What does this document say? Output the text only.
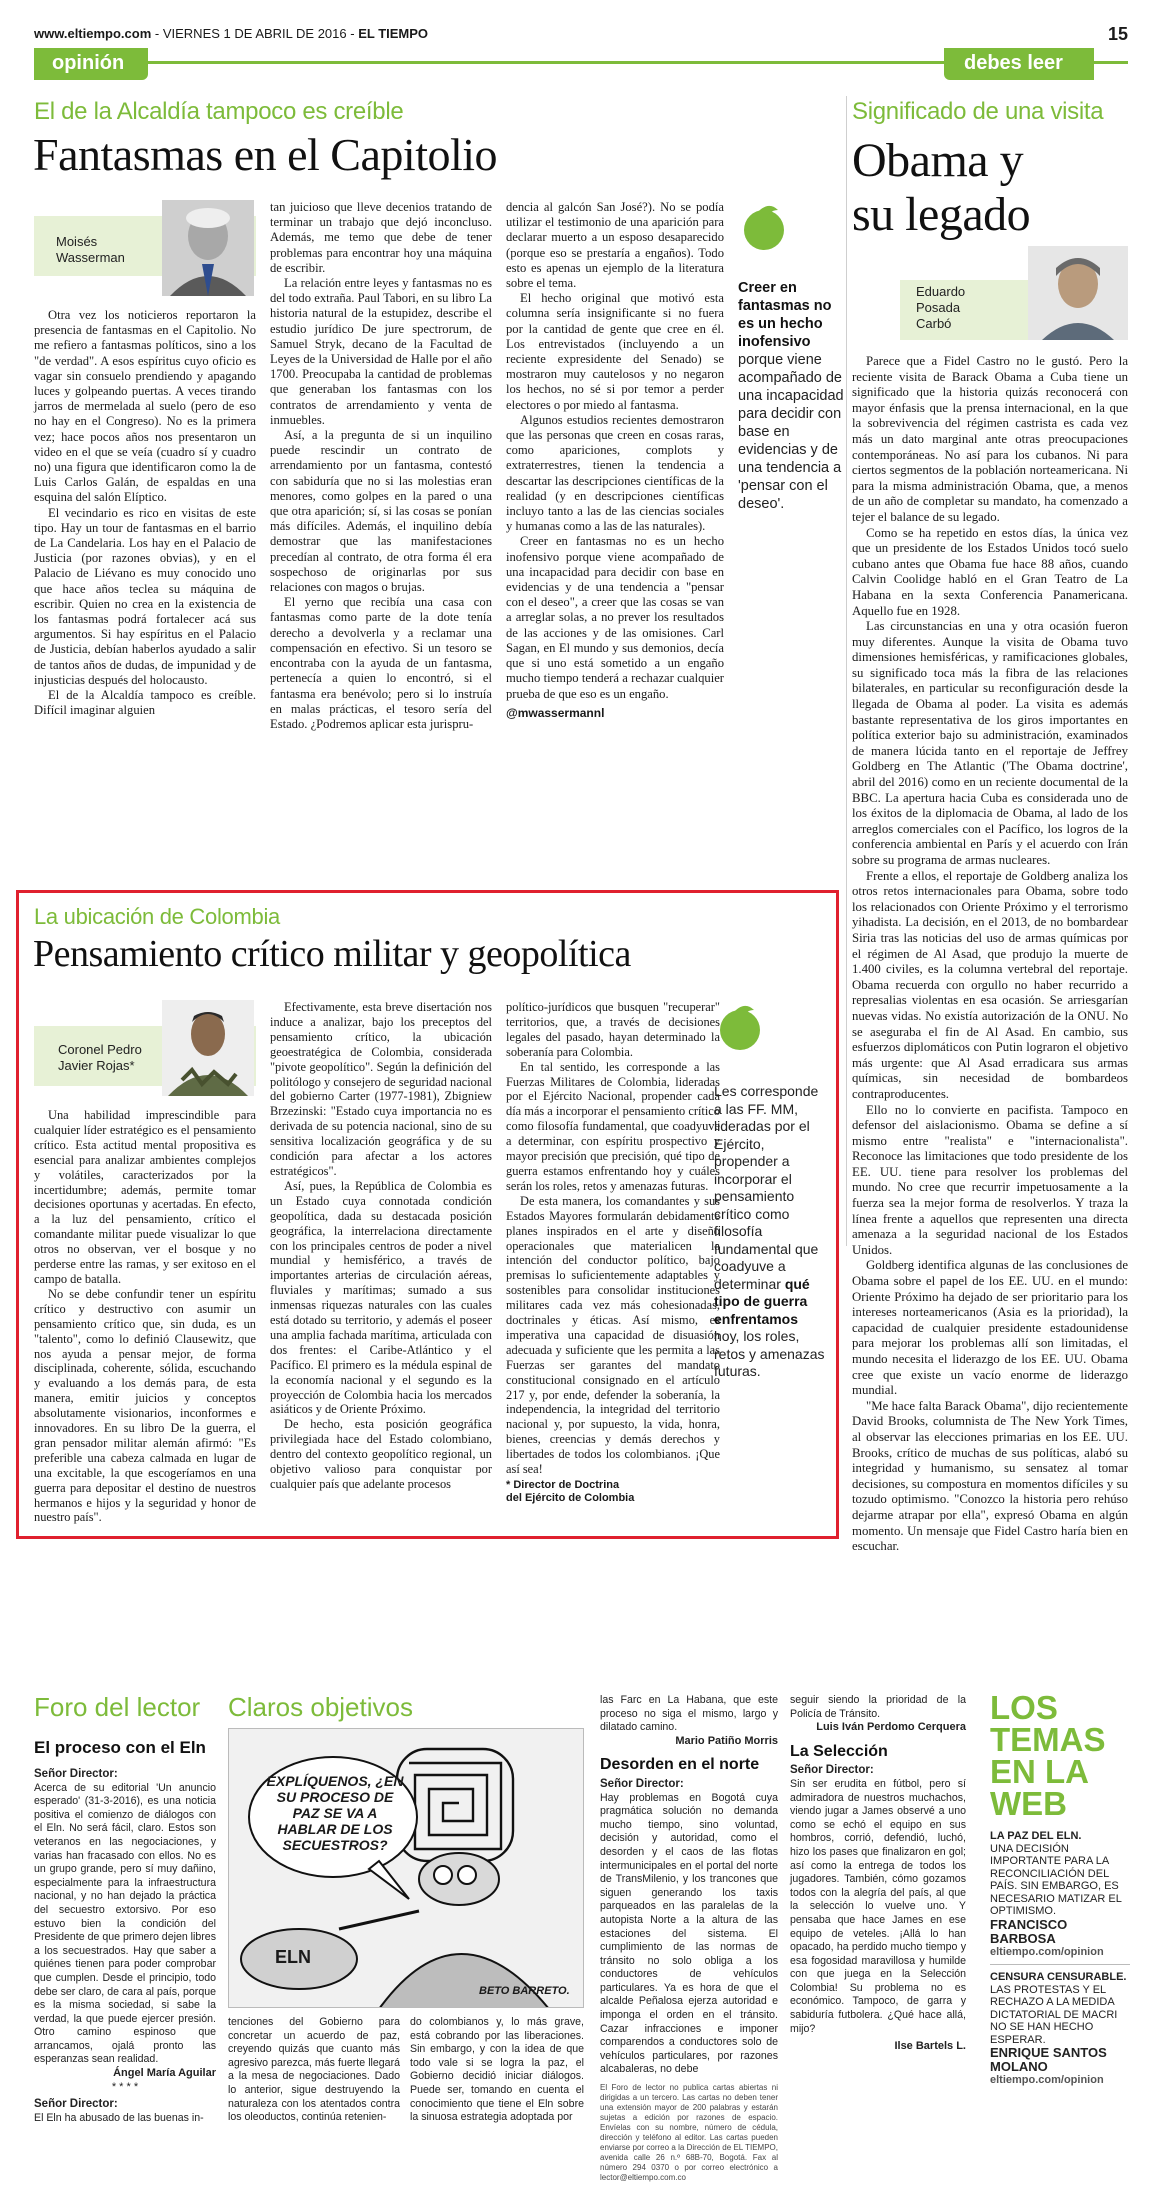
www.eltiempo.com - VIERNES 1 DE ABRIL DE 2016 - EL TIEMPO	15
opinión	debes leer
El de la Alcaldía tampoco es creíble
Fantasmas en el Capitolio
Moisés
Wasserman

Otra vez los noticieros reportaron la presencia de fantasmas en el Capitolio. No me refiero a fantasmas políticos, sino a los "de verdad". A esos espíritus cuyo oficio es vagar sin consuelo prendiendo y apagando luces y golpeando puertas. A veces tirando jarros de mermelada al suelo (pero de eso no hay en el Congreso). No es la primera vez; hace pocos años nos presentaron un video en el que se veía (cuadro sí y cuadro no) una figura que identificaron como la de Luis Carlos Galán, de espaldas en una esquina del salón Elíptico.

El vecindario es rico en visitas de este tipo. Hay un tour de fantasmas en el barrio de La Candelaria. Los hay en el Palacio de Justicia (por razones obvias), y en el Palacio de Liévano es muy conocido uno que hace años teclea su máquina de escribir. Quien no crea en la existencia de los fantasmas podrá fortalecer acá sus argumentos. Si hay espíritus en el Palacio de Justicia, debían haberlos ayudado a salir de tantos años de dudas, de impunidad y de injusticias después del holocausto.

El de la Alcaldía tampoco es creíble. Difícil imaginar alguien

tan juicioso que lleve decenios tratando de terminar un trabajo que dejó inconcluso. Además, me temo que debe de tener problemas para encontrar hoy una máquina de escribir.

La relación entre leyes y fantasmas no es del todo extraña. Paul Tabori, en su libro La historia natural de la estupidez, describe el estudio jurídico De jure spectrorum, de Samuel Stryk, decano de la Facultad de Leyes de la Universidad de Halle por el año 1700. Preocupaba la cantidad de problemas que generaban los fantasmas con los contratos de arrendamiento y venta de inmuebles.

Así, a la pregunta de si un inquilino puede rescindir un contrato de arrendamiento por un fantasma, contestó con sabiduría que no si las molestias eran menores, como golpes en la pared o una que otra aparición; sí, si las cosas se ponían más difíciles. Además, el inquilino debía demostrar que las manifestaciones precedían al contrato, de otra forma él era sospechoso de originarlas por sus relaciones con magos o brujas.

El yerno que recibía una casa con fantasmas como parte de la dote tenía derecho a devolverla y a reclamar una compensación en efectivo. Si un tesoro se encontraba con la ayuda de un fantasma, pertenecía a quien lo encontró, si el fantasma era benévolo; pero si lo instruía en malas prácticas, el tesoro sería del Estado. ¿Podremos aplicar esta jurispru-

dencia al galcón San José?). No se podía utilizar el testimonio de una aparición para declarar muerto a un esposo desaparecido (porque eso se prestaría a engaños). Todo esto es apenas un ejemplo de la literatura sobre el tema.

El hecho original que motivó esta columna sería insignificante si no fuera por la cantidad de gente que cree en él. Los entrevistados (incluyendo a un reciente expresidente del Senado) se mostraron muy cautelosos y no negaron los hechos, no sé si por temor a perder electores o por miedo al fantasma.

Algunos estudios recientes demostraron que las personas que creen en cosas raras, como apariciones, complots y extraterrestres, tienen la tendencia a descartar las descripciones científicas de la realidad (y en descripciones científicas incluyo tanto a las de las ciencias sociales y humanas como a las de las naturales).

Creer en fantasmas no es un hecho inofensivo porque viene acompañado de una incapacidad para decidir con base en evidencias y de una tendencia a "pensar con el deseo", a creer que las cosas se van a arreglar solas, a no prever los resultados de las acciones y de las omisiones. Carl Sagan, en El mundo y sus demonios, decía que si uno está sometido a un engaño mucho tiempo tenderá a rechazar cualquier prueba de que eso es un engaño.

@mwassermannl

Creer en fantasmas no es un hecho inofensivo porque viene acompañado de una incapacidad para decidir con base en evidencias y de una tendencia a 'pensar con el deseo'.
Significado de una visita
Obama y
su legado
Eduardo
Posada
Carbó

Parece que a Fidel Castro no le gustó. Pero la reciente visita de Barack Obama a Cuba tiene un significado que la historia quizás reconocerá con mayor énfasis que la prensa internacional, en la que la sobrevivencia del régimen castrista es cada vez más un dato marginal ante otras preocupaciones contemporáneas. No así para los cubanos. Ni para ciertos segmentos de la población norteamericana. Ni para la misma administración Obama, que, a menos de un año de completar su mandato, ha comenzado a tejer el balance de su legado.

Como se ha repetido en estos días, la única vez que un presidente de los Estados Unidos tocó suelo cubano antes que Obama fue hace 88 años, cuando Calvin Coolidge habló en el Gran Teatro de La Habana en la sexta Conferencia Panamericana. Aquello fue en 1928.

Las circunstancias en una y otra ocasión fueron muy diferentes. Aunque la visita de Obama tuvo dimensiones hemisféricas, y ramificaciones globales, su significado toca más la fibra de las relaciones bilaterales, en particular su reconfiguración desde la llegada de Obama al poder. La visita es además bastante representativa de los giros importantes en política exterior bajo su administración, examinados de manera lúcida tanto en el reportaje de Jeffrey Goldberg en The Atlantic ('The Obama doctrine', abril del 2016) como en un reciente documental de la BBC. La apertura hacia Cuba es considerada uno de los éxitos de la diplomacia de Obama, al lado de los arreglos comerciales con el Pacífico, los logros de la conferencia ambiental en París y el acuerdo con Irán sobre su programa de armas nucleares.

Frente a ellos, el reportaje de Goldberg analiza los otros retos internacionales para Obama, sobre todo los relacionados con Oriente Próximo y el terrorismo yihadista. La decisión, en el 2013, de no bombardear Siria tras las noticias del uso de armas químicas por el régimen de Al Asad, que produjo la muerte de 1.400 civiles, es la columna vertebral del reportaje. Obama recuerda con orgullo no haber recurrido a represalias violentas en esa ocasión. Se arriesgarían nuevas vidas. No existía autorización de la ONU. No se aseguraba el fin de Al Asad. En cambio, sus esfuerzos diplomáticos con Putin lograron el objetivo más urgente: que Al Asad erradicara sus armas químicas, sin necesidad de bombardeos contraproducentes.

Ello no lo convierte en pacifista. Tampoco en defensor del aislacionismo. Obama se define a sí mismo entre "realista" e "internacionalista". Reconoce las limitaciones que todo presidente de los EE. UU. tiene para resolver los problemas del mundo. No cree que recurrir impetuosamente a la fuerza sea la mejor forma de resolverlos. Y traza la línea frente a aquellos que representen una directa amenaza a la seguridad nacional de los Estados Unidos.

Goldberg identifica algunas de las conclusiones de Obama sobre el papel de los EE. UU. en el mundo: Oriente Próximo ha dejado de ser prioritario para los intereses norteamericanos (Asia es la prioridad), la capacidad de cualquier presidente estadounidense para mejorar los problemas allí son limitadas, el mundo necesita el liderazgo de los EE. UU. Obama cree que existe un vacío enorme de liderazgo mundial.

"Me hace falta Barack Obama", dijo recientemente David Brooks, columnista de The New York Times, al observar las elecciones primarias en los EE. UU. Brooks, crítico de muchas de sus políticas, alabó su integridad y humanismo, su sensatez al tomar decisiones, su compostura en momentos difíciles y su tozudo optimismo. "Conozco la historia pero rehúso dejarme atrapar por ella", expresó Obama en algún momento. Un mensaje que Fidel Castro haría bien en escuchar.

La ubicación de Colombia
Pensamiento crítico militar y geopolítica
Coronel Pedro
Javier Rojas*

Una habilidad imprescindible para cualquier líder estratégico es el pensamiento crítico. Esta actitud mental propositiva es esencial para analizar ambientes complejos y volátiles, caracterizados por la incertidumbre; además, permite tomar decisiones oportunas y acertadas. En efecto, a la luz del pensamiento, crítico el comandante militar puede visualizar lo que otros no observan, ver el bosque y no perderse entre las ramas, y ser exitoso en el campo de batalla.

No se debe confundir tener un espíritu crítico y destructivo con asumir un pensamiento crítico que, sin duda, es un "talento", como lo definió Clausewitz, que nos ayuda a pensar mejor, de forma disciplinada, coherente, sólida, escuchando y evaluando a los demás para, de esta manera, emitir juicios y conceptos absolutamente visionarios, inconformes e innovadores. En su libro De la guerra, el gran pensador militar alemán afirmó: "Es preferible una cabeza calmada en lugar de una excitable, la que escogeríamos en una guerra para depositar el destino de nuestros hermanos e hijos y la seguridad y honor de nuestro país".

Efectivamente, esta breve disertación nos induce a analizar, bajo los preceptos del pensamiento crítico, la ubicación geoestratégica de Colombia, considerada "pivote geopolítico". Según la definición del politólogo y consejero de seguridad nacional del gobierno Carter (1977-1981), Zbigniew Brzezinski: "Estado cuya importancia no es derivada de su potencia nacional, sino de su sensitiva localización geográfica y de su condición para afectar a los actores estratégicos".

Así, pues, la República de Colombia es un Estado cuya connotada condición geopolítica, dada su destacada posición geográfica, la interrelaciona directamente con los principales centros de poder a nivel mundial y hemisférico, a través de importantes arterias de circulación aéreas, fluviales y marítimas; sumado a sus inmensas riquezas naturales con las cuales está dotado su territorio, y además el poseer una amplia fachada marítima, articulada con dos frentes: el Caribe-Atlántico y el Pacífico. El primero es la médula espinal de la economía nacional y el segundo es la proyección de Colombia hacia los mercados asiáticos y de Oriente Próximo.

De hecho, esta posición geográfica privilegiada hace del Estado colombiano, dentro del contexto geopolítico regional, un objetivo valioso para conquistar por cualquier país que adelante procesos

político-jurídicos que busquen "recuperar" territorios, que, a través de decisiones legales del pasado, hayan determinado la soberanía para Colombia.

En tal sentido, les corresponde a las Fuerzas Militares de Colombia, lideradas por el Ejército Nacional, propender cada día más a incorporar el pensamiento crítico como filosofía fundamental, que coadyuve a determinar, con espíritu prospectivo y mayor precisión que precisión, qué tipo de guerra estamos enfrentando hoy y cuáles serán los roles, retos y amenazas futuras.

De esta manera, los comandantes y sus Estados Mayores formularán debidamente planes inspirados en el arte y diseño operacionales que materialicen la intención del conductor político, bajo premisas lo suficientemente adaptables y sostenibles para consolidar instituciones militares cada vez más cohesionadas, doctrinales y éticas. Así mismo, es imperativa una capacidad de disuasión adecuada y suficiente que les permita a las Fuerzas ser garantes del mandato constitucional consignado en el artículo 217 y, por ende, defender la soberanía, la independencia, la integridad del territorio nacional y, por supuesto, la vida, honra, bienes, creencias y demás derechos y libertades de todos los colombianos. ¡Que así sea!

* Director de Doctrina
del Ejército de Colombia

Les corresponde a las FF. MM, lideradas por el Ejército, propender a incorporar el pensamiento crítico como filosofía fundamental que coadyuve a determinar qué tipo de guerra enfrentamos hoy, los roles, retos y amenazas futuras.
Foro del lector
El proceso con el Eln
Señor Director:

Acerca de su editorial 'Un anuncio esperado' (31-3-2016), es una noticia positiva el comienzo de diálogos con el Eln. No será fácil, claro. Estos son veteranos en las negociaciones, y varias han fracasado con ellos. No es un grupo grande, pero sí muy dañino, especialmente para la infraestructura nacional, y no han dejado la práctica del secuestro extorsivo. Por eso estuvo bien la condición del Presidente de que primero dejen libres a los secuestrados. Hay que saber a quiénes tienen para poder comprobar que cumplen. Desde el principio, todo debe ser claro, de cara al país, porque es la misma sociedad, si sabe la verdad, la que puede ejercer presión. Otro camino espinoso que arrancamos, ojalá pronto las esperanzas sean realidad.

Ángel María Aguilar
* * * *
Señor Director:

El Eln ha abusado de las buenas in-

Claros objetivos
EXPLÍQUENOS, ¿EN SU PROCESO DE PAZ SE VA A HABLAR DE LOS SECUESTROS?
ELN
BETO BARRETO.
tenciones del Gobierno para concretar un acuerdo de paz, creyendo quizás que cuanto más agresivo parezca, más fuerte llegará a la mesa de negociaciones. Dado lo anterior, sigue destruyendo la naturaleza con los atentados contra los oleoductos, continúa retenien-
do colombianos y, lo más grave, está cobrando por las liberaciones. Sin embargo, y con la idea de que todo vale si se logra la paz, el Gobierno decidió iniciar diálogos. Puede ser, tomando en cuenta el conocimiento que tiene el Eln sobre la sinuosa estrategia adoptada por

las Farc en La Habana, que este proceso no siga el mismo, largo y dilatado camino.

Mario Patiño Morris
Desorden en el norte
Señor Director:

Hay problemas en Bogotá cuya pragmática solución no demanda mucho tiempo, sino voluntad, decisión y autoridad, como el desorden y el caos de las flotas intermunicipales en el portal del norte de TransMilenio, y los trancones que siguen generando los taxis parqueados en las paralelas de la autopista Norte a la altura de las estaciones del sistema. El cumplimiento de las normas de tránsito no solo obliga a los conductores de vehículos particulares. Ya es hora de que el alcalde Peñalosa ejerza autoridad e imponga el orden en el tránsito. Cazar infracciones e imponer comparendos a conductores solo de vehículos particulares, por razones alcabaleras, no debe

El Foro de lector no publica cartas abiertas ni dirigidas a un tercero. Las cartas no deben tener una extensión mayor de 200 palabras y estarán sujetas a edición por razones de espacio. Envíelas con su nombre, número de cédula, dirección y teléfono al editor. Las cartas pueden enviarse por correo a la Dirección de EL TIEMPO, avenida calle 26 n.º 68B-70, Bogotá. Fax al número 294 0370 o por correo electrónico a lector@eltiempo.com.co

seguir siendo la prioridad de la Policía de Tránsito.

Luis Iván Perdomo Cerquera
La Selección
Señor Director:

Sin ser erudita en fútbol, pero sí admiradora de nuestros muchachos, viendo jugar a James observé a uno como se echó el equipo en sus hombros, corrió, defendió, luchó, hizo los pases que finalizaron en gol; así como la entrega de todos los jugadores. También, cómo gozamos todos con la alegría del país, al que la selección lo vuelve uno. Y pensaba que hace James en ese equipo de veteles. ¡Allá lo han opacado, ha perdido mucho tiempo y esa fogosidad maravillosa y humilde con que juega en la Selección Colombia! Su problema no es económico. Tampoco, de garra y sabiduría futbolera. ¿Qué hace allá, mijo?

Ilse Bartels L.
LOS
TEMAS
EN LA
WEB
LA PAZ DEL ELN.
UNA DECISIÓN IMPORTANTE PARA LA RECONCILIACIÓN DEL PAÍS. SIN EMBARGO, ES NECESARIO MATIZAR EL OPTIMISMO.
FRANCISCO BARBOSA
eltiempo.com/opinion
CENSURA CENSURABLE.
LAS PROTESTAS Y EL RECHAZO A LA MEDIDA DICTATORIAL DE MACRI NO SE HAN HECHO ESPERAR.
ENRIQUE SANTOS MOLANO
eltiempo.com/opinion
